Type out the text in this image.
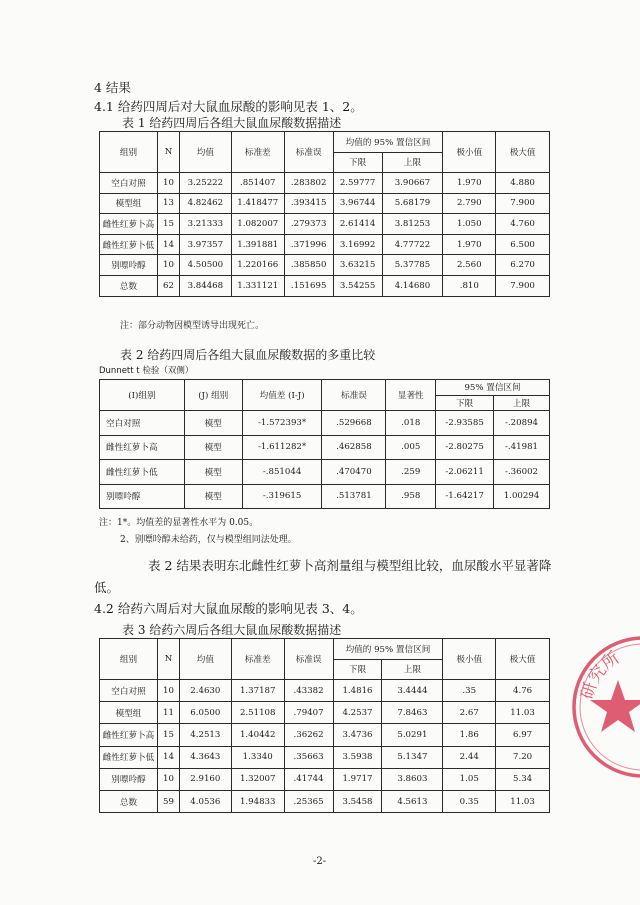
4 结果
4.1 给药四周后对大鼠血尿酸的影响见表 1、2。
表 1 给药四周后各组大鼠血尿酸数据描述
组别	N	均值	标准差	标准误	均值的 95% 置信区间		极小值	极大值
					下限	上限		
空白对照	10	3.25222	.851407	.283802	2.59777	3.90667	1.970	4.880
模型组	13	4.82462	1.418477	.393415	3.96744	5.68179	2.790	7.900
雌性红萝卜高	15	3.21333	1.082007	.279373	2.61414	3.81253	1.050	4.760
雌性红萝卜低	14	3.97357	1.391881	.371996	3.16992	4.77722	1.970	6.500
别嘌呤醇	10	4.50500	1.220166	.385850	3.63215	5.37785	2.560	6.270
总数	62	3.84468	1.331121	.151695	3.54255	4.14680	.810	7.900
注：部分动物因模型诱导出现死亡。
表 2 给药四周后各组大鼠血尿酸数据的多重比较
Dunnett t 检验（双侧）
(I)组别	(J) 组别	均值差 (I-J)	标准误	显著性	95% 置信区间	
					下限	上限
空白对照	模型	-1.572393*	.529668	.018	-2.93585	-.20894
雌性红萝卜高	模型	-1.611282*	.462858	.005	-2.80275	-.41981
雌性红萝卜低	模型	-.851044	.470470	.259	-2.06211	-.36002
别嘌呤醇	模型	-.319615	.513781	.958	-1.64217	1.00294
注：1*。均值差的显著性水平为 0.05。
2、别嘌呤醇未给药，仅与模型组同法处理。
表 2 结果表明东北雌性红萝卜高剂量组与模型组比较，血尿酸水平显著降
低。
4.2 给药六周后对大鼠血尿酸的影响见表 3、4。
表 3 给药六周后各组大鼠血尿酸数据描述
组别	N	均值	标准差	标准误	均值的 95% 置信区间		极小值	极大值
					下限	上限		
空白对照	10	2.4630	1.37187	.43382	1.4816	3.4444	.35	4.76
模型组	11	6.0500	2.51108	.79407	4.2537	7.8463	2.67	11.03
雌性红萝卜高	15	4.2513	1.40442	.36262	3.4736	5.0291	1.86	6.97
雌性红萝卜低	14	4.3643	1.3340	.35663	3.5938	5.1347	2.44	7.20
别嘌呤醇	10	2.9160	1.32007	.41744	1.9717	3.8603	1.05	5.34
总数	59	4.0536	1.94833	.25365	3.5458	4.5613	0.35	11.03
研究所
-2-
